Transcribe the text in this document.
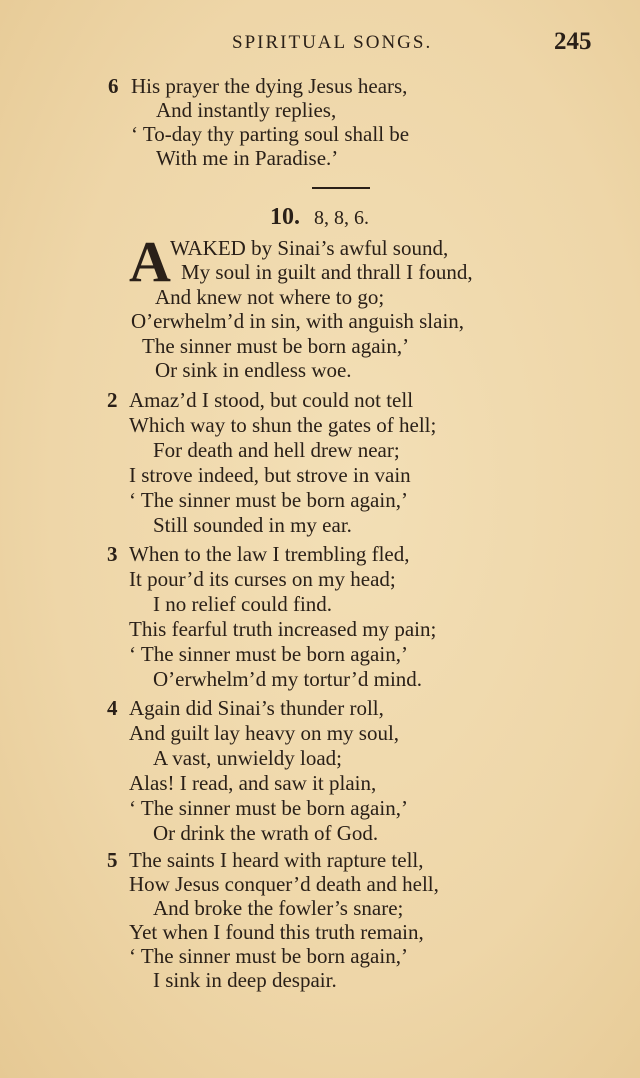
SPIRITUAL SONGS.	245
6 His prayer the dying Jesus hears,
And instantly replies,
‘ To-day thy parting soul shall be
With me in Paradise.’
10. 8, 8, 6.
A WAKED by Sinai’s awful sound,
My soul in guilt and thrall I found,
And knew not where to go;
O’erwhelm’d in sin, with anguish slain,
The sinner must be born again,’
Or sink in endless woe.
2 Amaz’d I stood, but could not tell
Which way to shun the gates of hell;
For death and hell drew near;
I strove indeed, but strove in vain
‘ The sinner must be born again,’
Still sounded in my ear.
3 When to the law I trembling fled,
It pour’d its curses on my head;
I no relief could find.
This fearful truth increased my pain;
‘ The sinner must be born again,’
O’erwhelm’d my tortur’d mind.
4 Again did Sinai’s thunder roll,
And guilt lay heavy on my soul,
A vast, unwieldy load;
Alas! I read, and saw it plain,
‘ The sinner must be born again,’
Or drink the wrath of God.
5 The saints I heard with rapture tell,
How Jesus conquer’d death and hell,
And broke the fowler’s snare;
Yet when I found this truth remain,
‘ The sinner must be born again,’
I sink in deep despair.
